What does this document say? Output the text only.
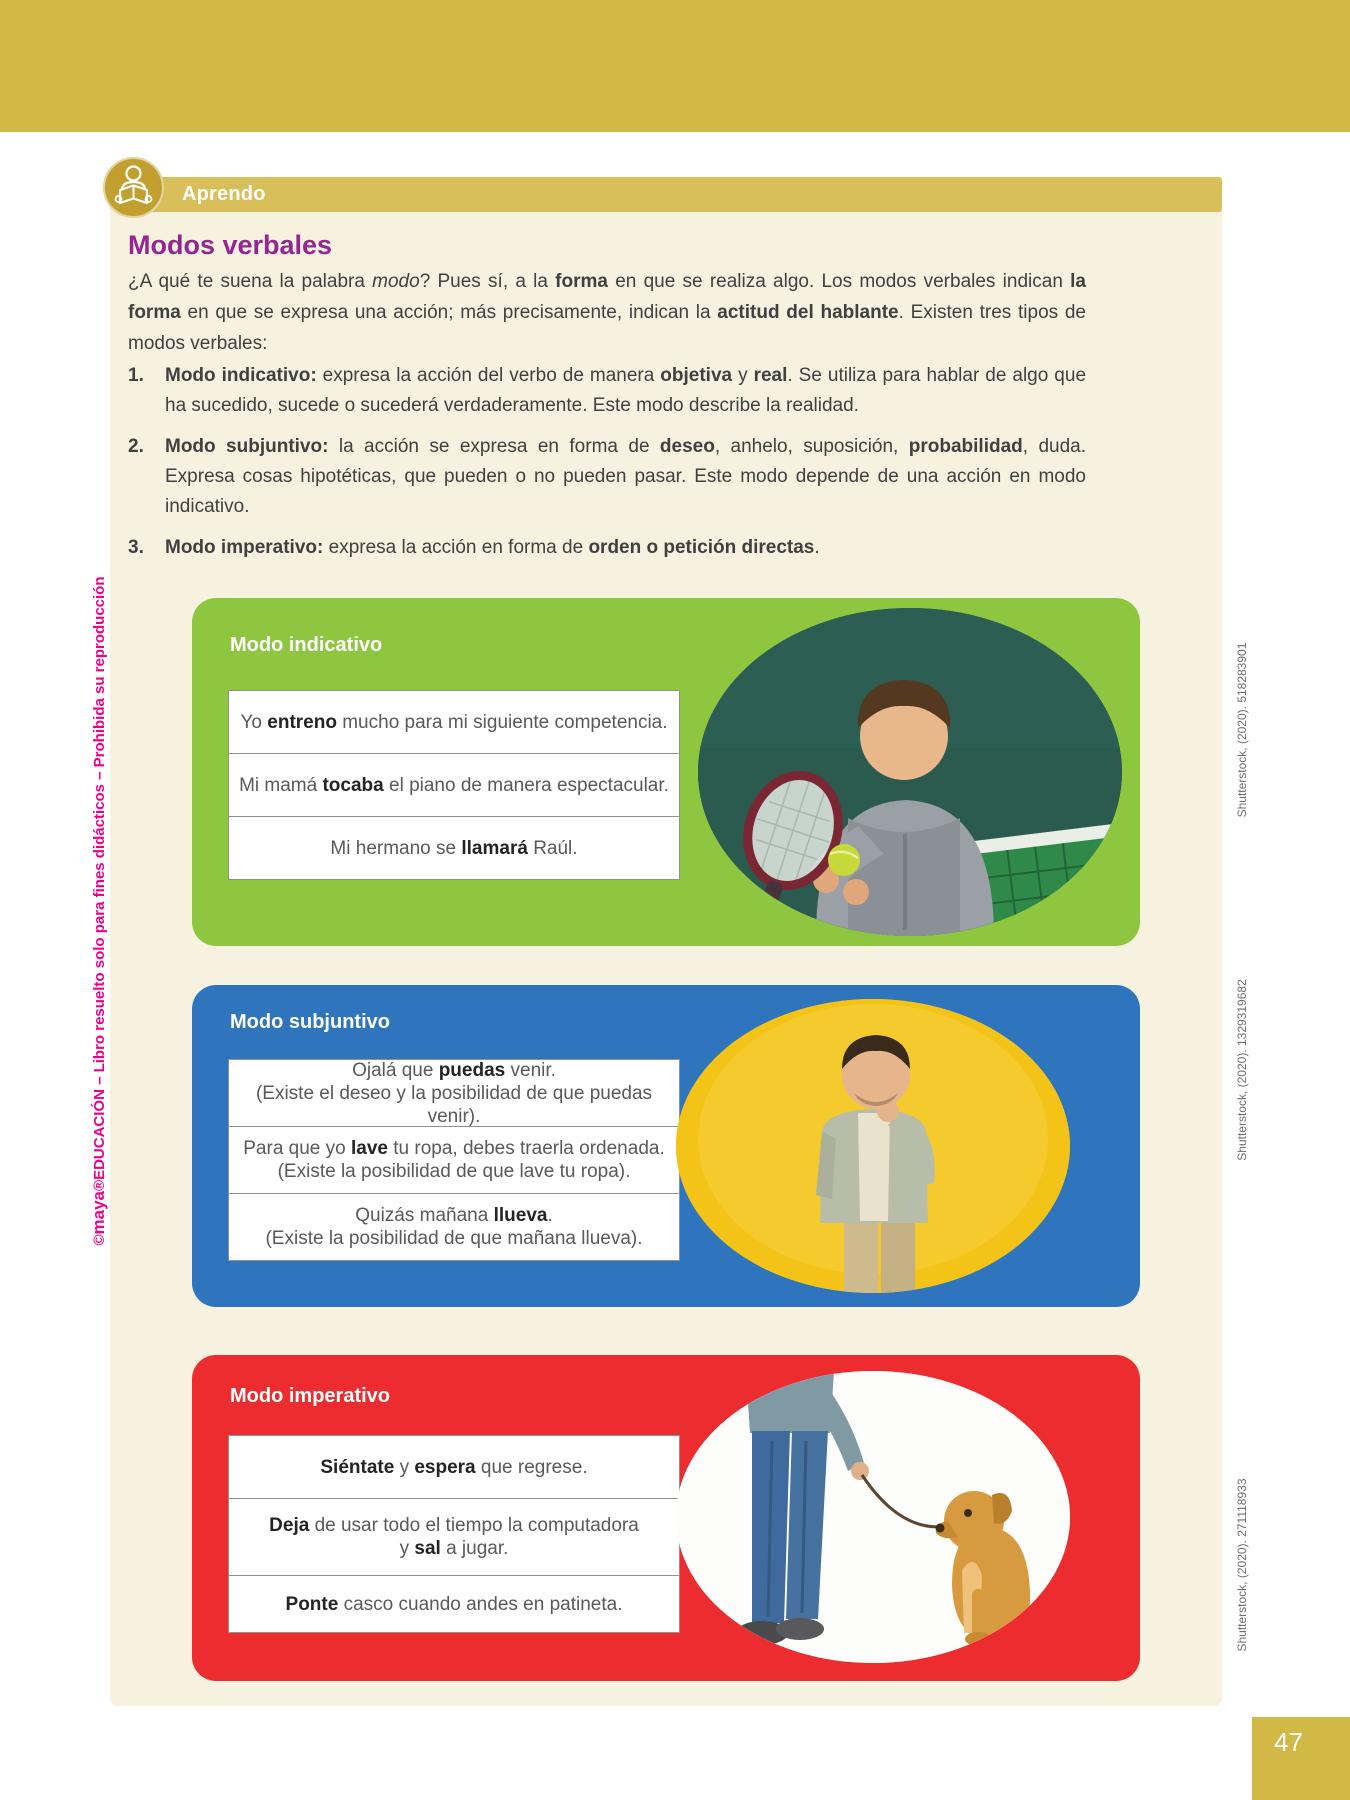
Aprendo
Modos verbales

¿A qué te suena la palabra modo? Pues sí, a la forma en que se realiza algo. Los modos verbales indican la forma en que se expresa una acción; más precisamente, indican la actitud del hablante. Existen tres tipos de modos verbales:

1. Modo indicativo: expresa la acción del verbo de manera objetiva y real. Se utiliza para hablar de algo que ha sucedido, sucede o sucederá verdaderamente. Este modo describe la realidad.
2. Modo subjuntivo: la acción se expresa en forma de deseo, anhelo, suposición, probabilidad, duda. Expresa cosas hipotéticas, que pueden o no pueden pasar. Este modo depende de una acción en modo indicativo.
3. Modo imperativo: expresa la acción en forma de orden o petición directas.
Modo indicativo

Yo entreno mucho para mi siguiente competencia.

Mi mamá tocaba el piano de manera espectacular.

Mi hermano se llamará Raúl.

Shutterstock, (2020). 518283901
Modo subjuntivo

Ojalá que puedas venir.

(Existe el deseo y la posibilidad de que puedas venir).

Para que yo lave tu ropa, debes traerla ordenada.

(Existe la posibilidad de que lave tu ropa).

Quizás mañana llueva.

(Existe la posibilidad de que mañana llueva).

Shutterstock, (2020). 1329319682
Modo imperativo

Siéntate y espera que regrese.

Deja de usar todo el tiempo la computadora

y sal a jugar.

Ponte casco cuando andes en patineta.	Shutterstock, (2020). 271118933
©maya®EDUCACIÓN – Libro resuelto solo para fines didácticos – Prohibida su reproducción
47
